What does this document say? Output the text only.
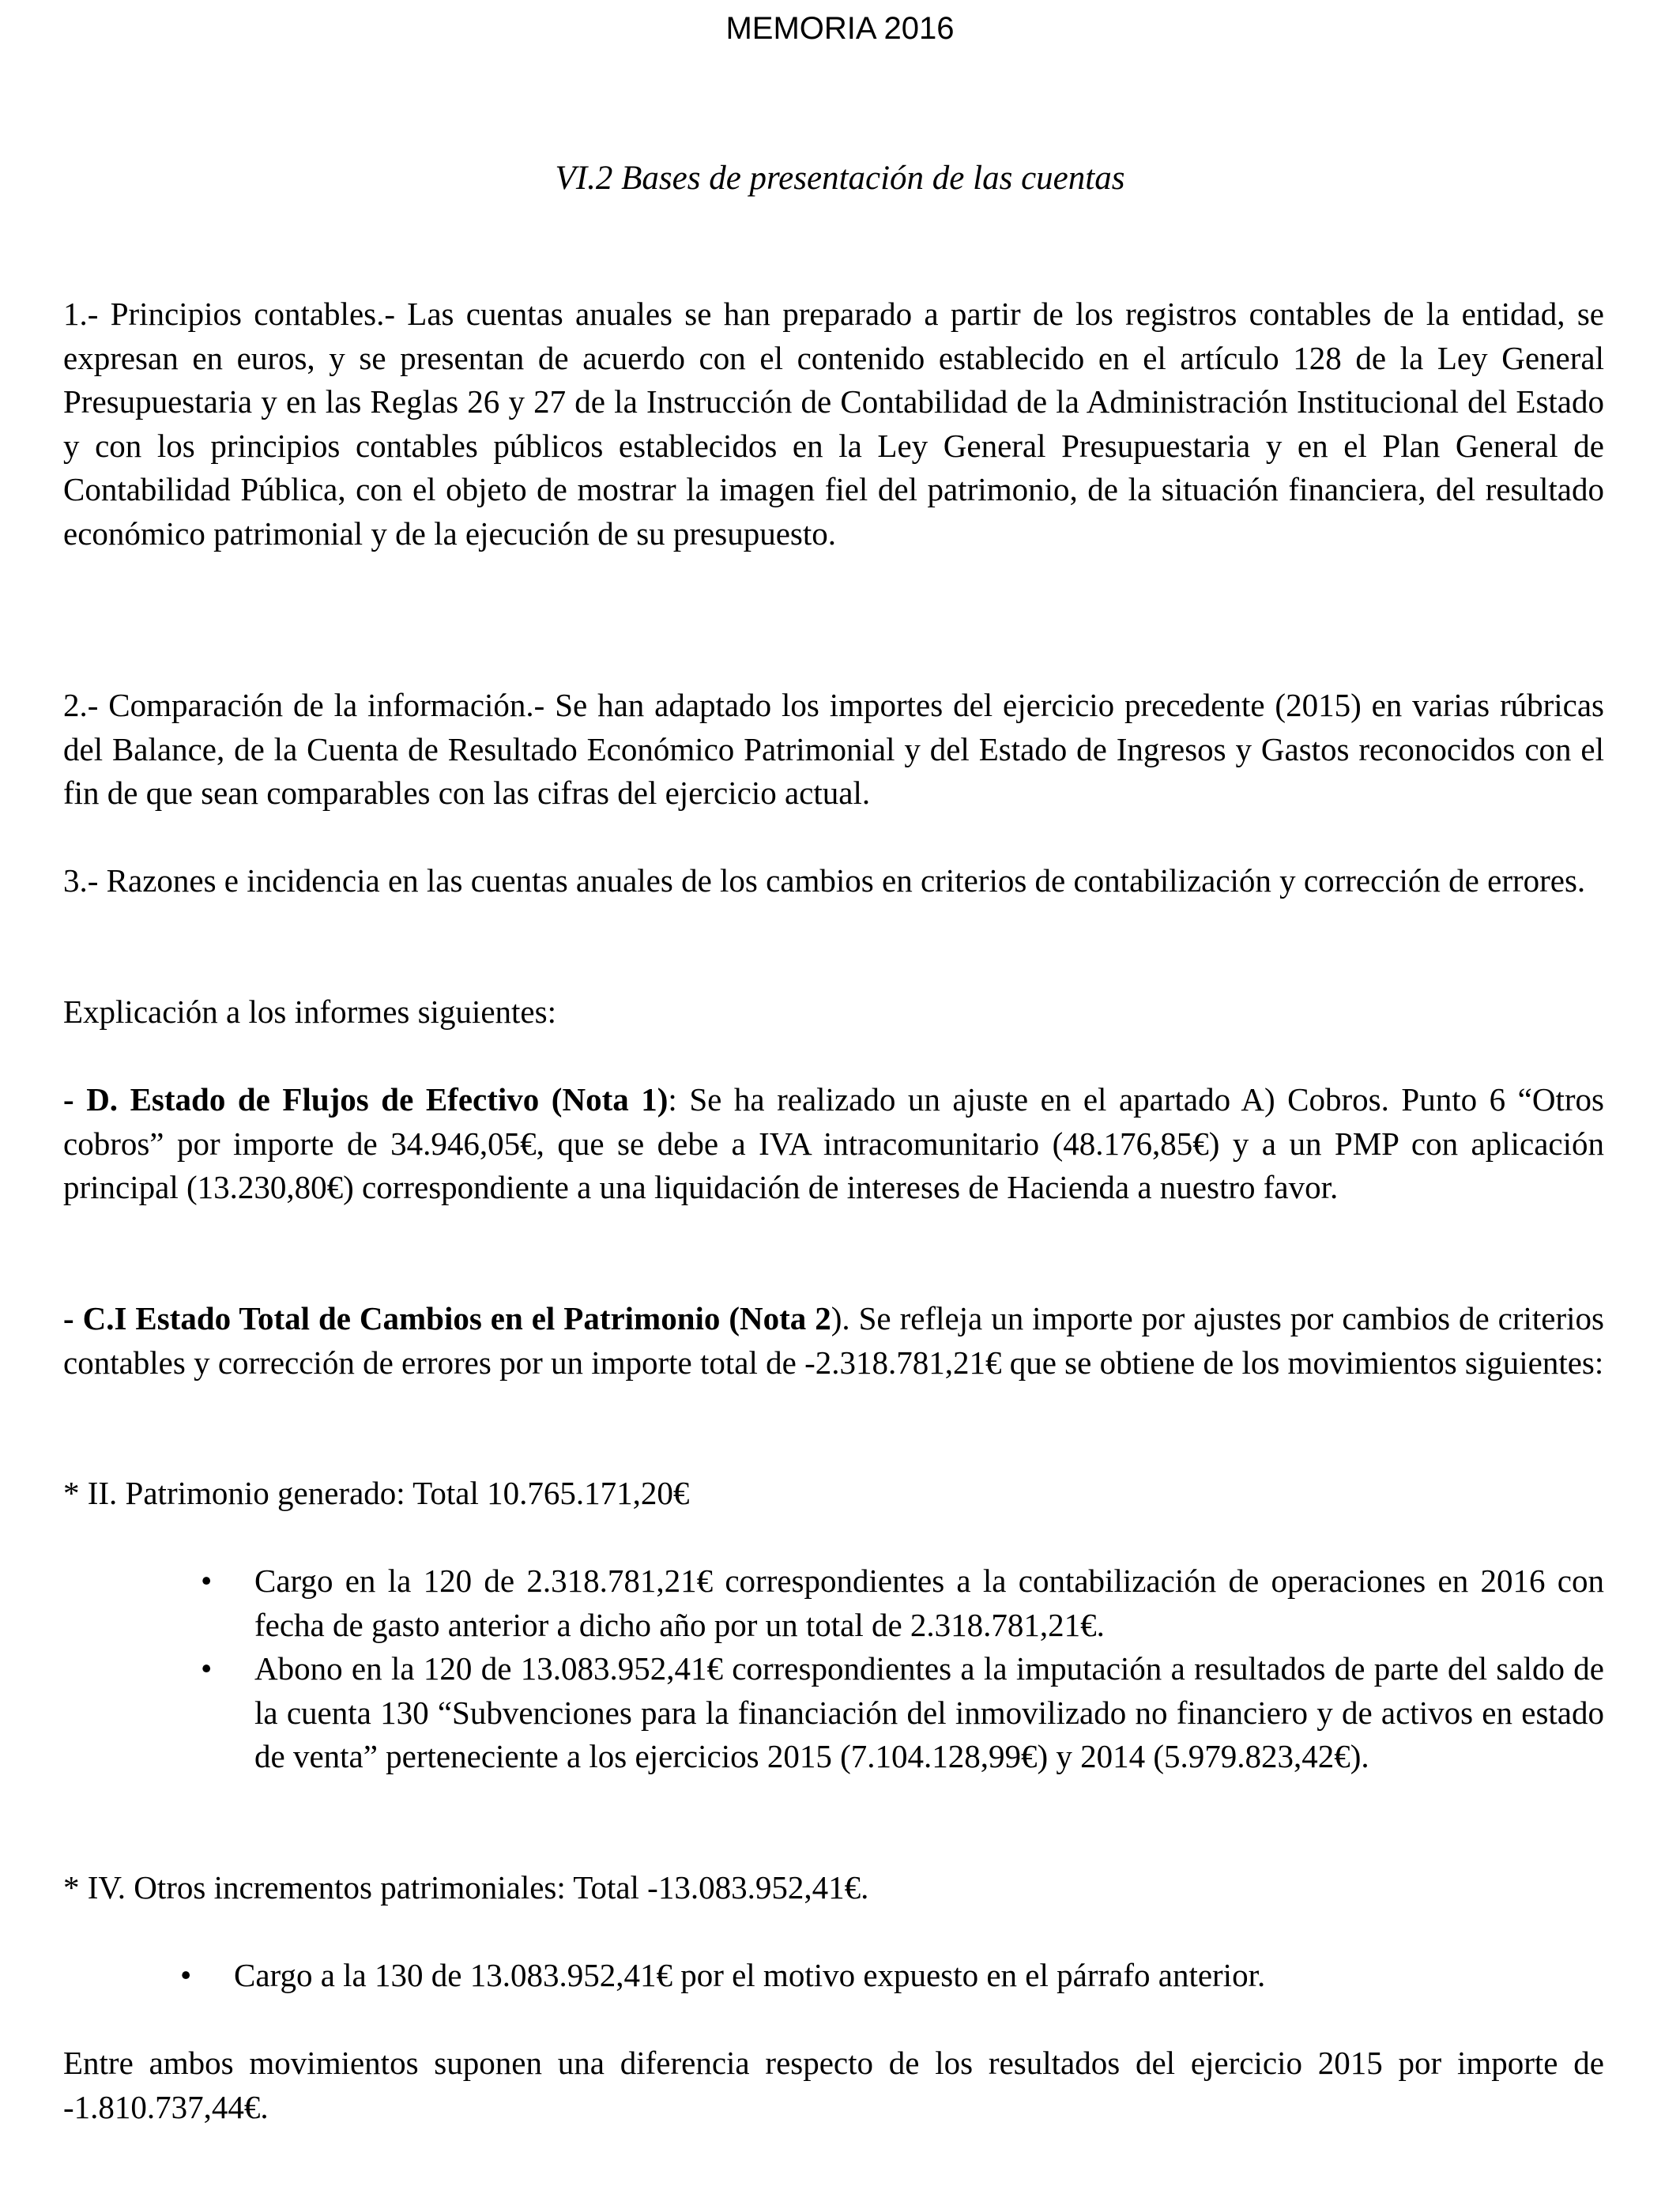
MEMORIA 2016
VI.2 Bases de presentación de las cuentas

1.- Principios contables.- Las cuentas anuales se han preparado a partir de los registros contables de la entidad, se expresan en euros, y se presentan de acuerdo con el contenido establecido en el artículo 128 de la Ley General Presupuestaria y en las Reglas 26 y 27 de la Instrucción de Contabilidad de la Administración Institucional del Estado y con los principios contables públicos establecidos en la Ley General Presupuestaria y en el Plan General de Contabilidad Pública, con el objeto de mostrar la imagen fiel del patrimonio, de la situación financiera, del resultado económico patrimonial y de la ejecución de su presupuesto.

2.- Comparación de la información.- Se han adaptado los importes del ejercicio precedente (2015) en varias rúbricas del Balance, de la Cuenta de Resultado Económico Patrimonial y del Estado de Ingresos y Gastos reconocidos con el fin de que sean comparables con las cifras del ejercicio actual.

3.- Razones e incidencia en las cuentas anuales de los cambios en criterios de contabilización y corrección de errores.

Explicación a los informes siguientes:

- D. Estado de Flujos de Efectivo (Nota 1): Se ha realizado un ajuste en el apartado A) Cobros. Punto 6 “Otros cobros” por importe de 34.946,05€, que se debe a IVA intracomunitario (48.176,85€) y a un PMP con aplicación principal (13.230,80€) correspondiente a una liquidación de intereses de Hacienda a nuestro favor.

- C.I Estado Total de Cambios en el Patrimonio (Nota 2). Se refleja un importe por ajustes por cambios de criterios contables y corrección de errores por un importe total de -2.318.781,21€ que se obtiene de los movimientos siguientes:

* II. Patrimonio generado: Total 10.765.171,20€

• Cargo en la 120 de 2.318.781,21€ correspondientes a la contabilización de operaciones en 2016 con fecha de gasto anterior a dicho año por un total de 2.318.781,21€.
• Abono en la 120 de 13.083.952,41€ correspondientes a la imputación a resultados de parte del saldo de la cuenta 130 “Subvenciones para la financiación del inmovilizado no financiero y de activos en estado de venta” perteneciente a los ejercicios 2015 (7.104.128,99€) y 2014 (5.979.823,42€).

* IV. Otros incrementos patrimoniales: Total -13.083.952,41€.

• Cargo a la 130 de 13.083.952,41€ por el motivo expuesto en el párrafo anterior.

Entre ambos movimientos suponen una diferencia respecto de los resultados del ejercicio 2015 por importe de -1.810.737,44€.
